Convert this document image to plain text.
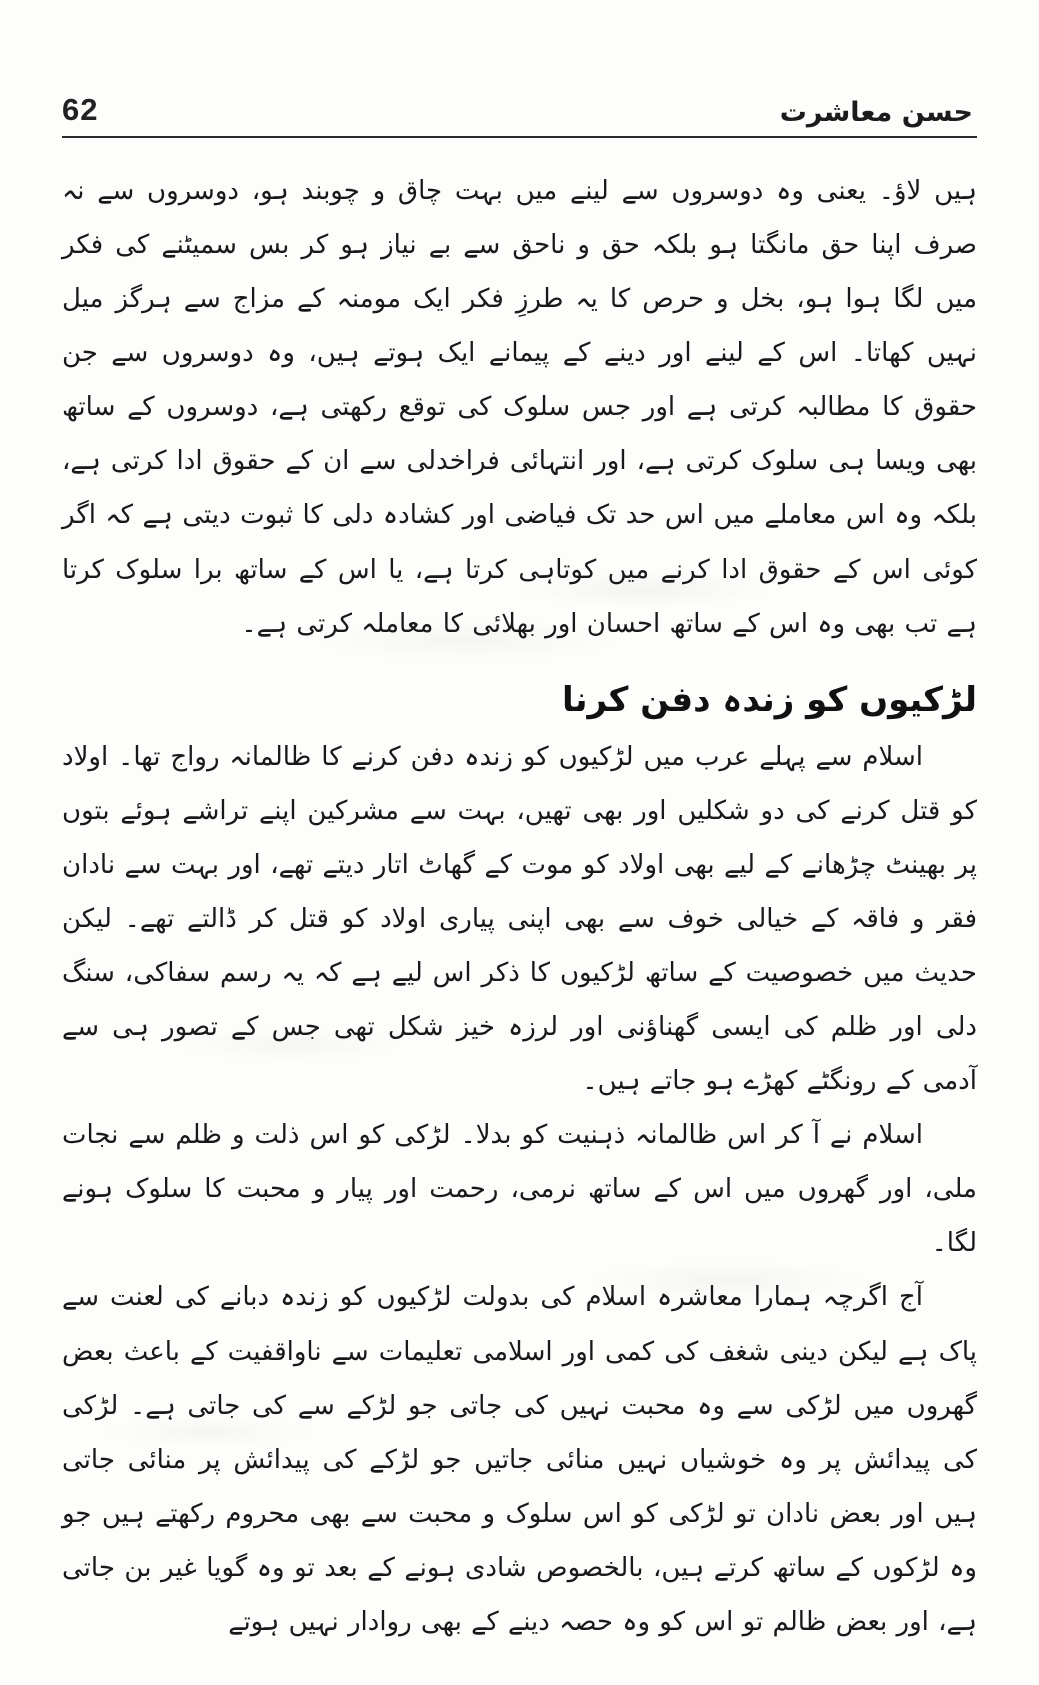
62	حسن معاشرت

ہیں لاؤ۔ یعنی وہ دوسروں سے لینے میں بہت چاق و چوبند ہو، دوسروں سے نہ صرف اپنا حق مانگتا ہو بلکہ حق و ناحق سے بے نیاز ہو کر بس سمیٹنے کی فکر میں لگا ہوا ہو، بخل و حرص کا یہ طرزِ فکر ایک مومنہ کے مزاج سے ہرگز میل نہیں کھاتا۔ اس کے لینے اور دینے کے پیمانے ایک ہوتے ہیں، وہ دوسروں سے جن حقوق کا مطالبہ کرتی ہے اور جس سلوک کی توقع رکھتی ہے، دوسروں کے ساتھ بھی ویسا ہی سلوک کرتی ہے، اور انتہائی فراخدلی سے ان کے حقوق ادا کرتی ہے، بلکہ وہ اس معاملے میں اس حد تک فیاضی اور کشادہ دلی کا ثبوت دیتی ہے کہ اگر کوئی اس کے حقوق ادا کرنے میں کوتاہی کرتا ہے، یا اس کے ساتھ برا سلوک کرتا ہے تب بھی وہ اس کے ساتھ احسان اور بھلائی کا معاملہ کرتی ہے۔

لڑکیوں کو زندہ دفن کرنا

اسلام سے پہلے عرب میں لڑکیوں کو زندہ دفن کرنے کا ظالمانہ رواج تھا۔ اولاد کو قتل کرنے کی دو شکلیں اور بھی تھیں، بہت سے مشرکین اپنے تراشے ہوئے بتوں پر بھینٹ چڑھانے کے لیے بھی اولاد کو موت کے گھاٹ اتار دیتے تھے، اور بہت سے نادان فقر و فاقہ کے خیالی خوف سے بھی اپنی پیاری اولاد کو قتل کر ڈالتے تھے۔ لیکن حدیث میں خصوصیت کے ساتھ لڑکیوں کا ذکر اس لیے ہے کہ یہ رسم سفاکی، سنگ دلی اور ظلم کی ایسی گھناؤنی اور لرزہ خیز شکل تھی جس کے تصور ہی سے آدمی کے رونگٹے کھڑے ہو جاتے ہیں۔

اسلام نے آ کر اس ظالمانہ ذہنیت کو بدلا۔ لڑکی کو اس ذلت و ظلم سے نجات ملی، اور گھروں میں اس کے ساتھ نرمی، رحمت اور پیار و محبت کا سلوک ہونے لگا۔

آج اگرچہ ہمارا معاشرہ اسلام کی بدولت لڑکیوں کو زندہ دبانے کی لعنت سے پاک ہے لیکن دینی شغف کی کمی اور اسلامی تعلیمات سے ناواقفیت کے باعث بعض گھروں میں لڑکی سے وہ محبت نہیں کی جاتی جو لڑکے سے کی جاتی ہے۔ لڑکی کی پیدائش پر وہ خوشیاں نہیں منائی جاتیں جو لڑکے کی پیدائش پر منائی جاتی ہیں اور بعض نادان تو لڑکی کو اس سلوک و محبت سے بھی محروم رکھتے ہیں جو وہ لڑکوں کے ساتھ کرتے ہیں، بالخصوص شادی ہونے کے بعد تو وہ گویا غیر بن جاتی ہے، اور بعض ظالم تو اس کو وہ حصہ دینے کے بھی روادار نہیں ہوتے
